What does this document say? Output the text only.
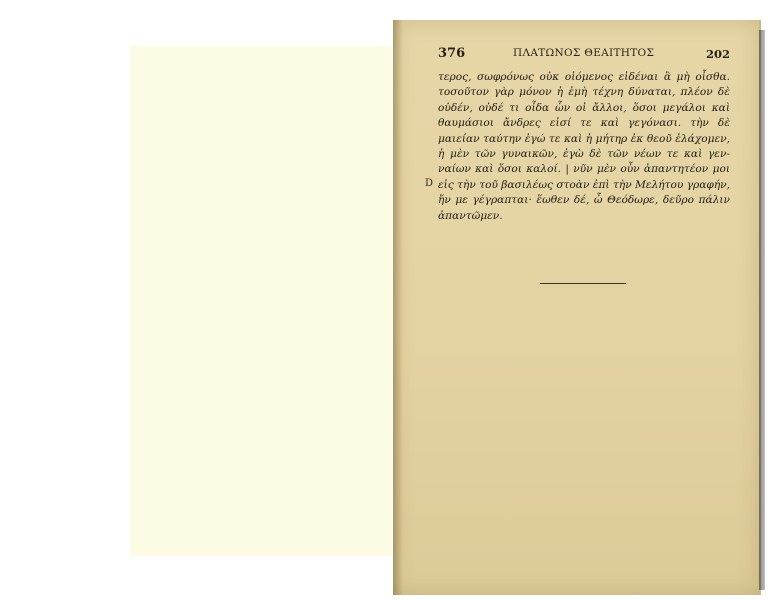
376	ΠΛΑΤΩΝΟΣ ΘΕΑΙΤΗΤΟΣ	202
D
τερος, σωφρόνως οὐκ οἰόμενος εἰδέναι ἃ μὴ οἶσθα.
τοσοῦτον γὰρ μόνον ἡ ἐμὴ τέχνη δύναται, πλέον δὲ
οὐδέν, οὐδέ τι οἶδα ὧν οἱ ἄλλοι, ὅσοι μεγάλοι καὶ
θαυμάσιοι ἄνδρες εἰσί τε καὶ γεγόνασι. τὴν δὲ
μαιείαν ταύτην ἐγώ τε καὶ ἡ μήτηρ ἐκ θεοῦ ἐλάχομεν,
ἡ μὲν τῶν γυναικῶν, ἐγὼ δὲ τῶν νέων τε καὶ γεν-
ναίων καὶ ὅσοι καλοί. | νῦν μὲν οὖν ἀπαντητέον μοι
εἰς τὴν τοῦ βασιλέως στοὰν ἐπὶ τὴν Μελήτου γραφήν,
ἥν με γέγραπται· ἕωθεν δέ, ὦ Θεόδωρε, δεῦρο πάλιν
ἀπαντῶμεν.
